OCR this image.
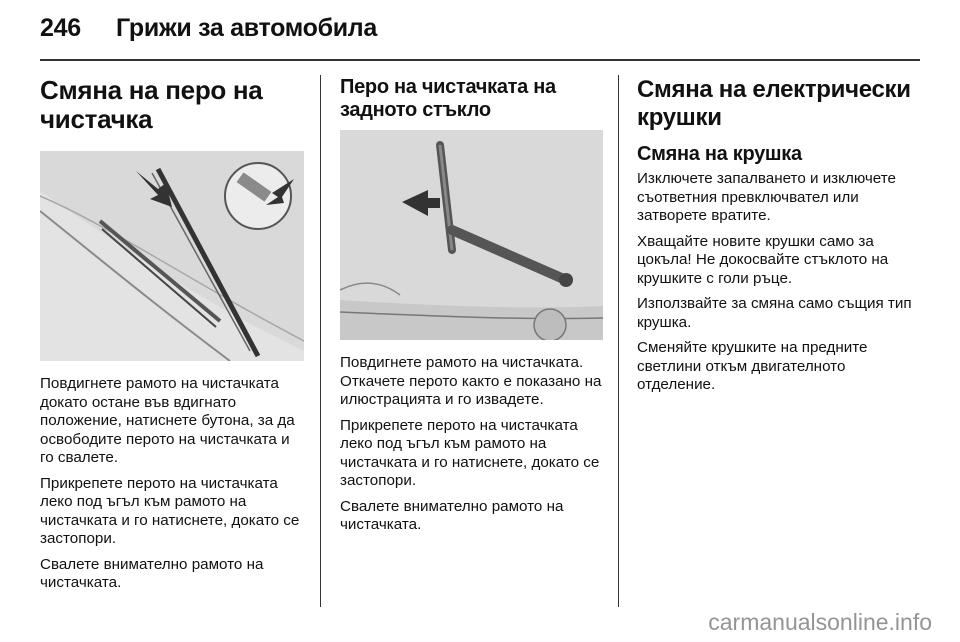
246 Грижи за автомобила
Смяна на перо на чистачка

Повдигнете рамото на чистачката докато остане във вдигнато положение, натиснете бутона, за да освободите перото на чистачката и го свалете.

Прикрепете перото на чистачката леко под ъгъл към рамото на чистачката и го натиснете, докато се застопори.

Свалете внимателно рамото на чистачката.

Перо на чистачката на задното стъкло

Повдигнете рамото на чистачката. Откачете перото както е показано на илюстрацията и го извадете.

Прикрепете перото на чистачката леко под ъгъл към рамото на чистачката и го натиснете, докато се застопори.

Свалете внимателно рамото на чистачката.

Смяна на електрически крушки
Смяна на крушка

Изключете запалването и изключете съответния превключвател или затворете вратите.

Хващайте новите крушки само за цокъла! Не докосвайте стъклото на крушките с голи ръце.

Използвайте за смяна само същия тип крушка.

Сменяйте крушките на предните светлини откъм двигателното отделение.

carmanualsonline.info
